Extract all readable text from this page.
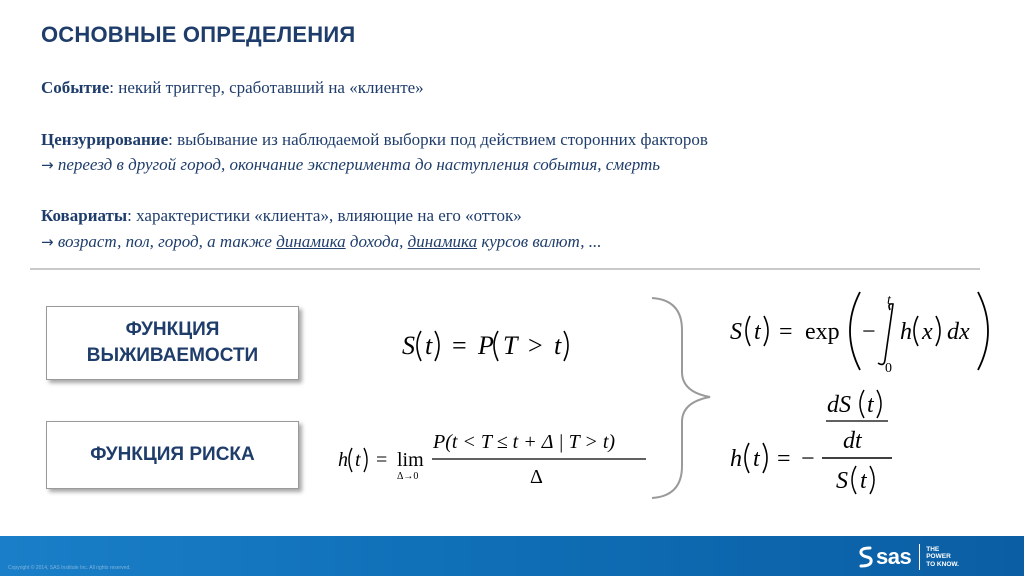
ОСНОВНЫЕ ОПРЕДЕЛЕНИЯ
Событие: некий триггер, сработавший на «клиенте»
Цензурирование: выбывание из наблюдаемой выборки под действием сторонних факторов
→ переезд в другой город, окончание эксперимента до наступления события, смерть
Ковариаты: характеристики «клиента», влияющие на его «отток»
→ возраст, пол, город, а также динамика дохода, динамика курсов валют, ...
ФУНКЦИЯ
ВЫЖИВАЕМОСТИ
ФУНКЦИЯ РИСКА
S t = P T > t	S t = exp −
t
0
h x dx
h t = lim
Δ→0
P(t < T ≤ t + Δ | T > t)
Δ
h t = −
dS t
dt
S t
Copyright © 2014, SAS Institute Inc. All rights reserved.	sas THE
POWER
TO KNOW.
